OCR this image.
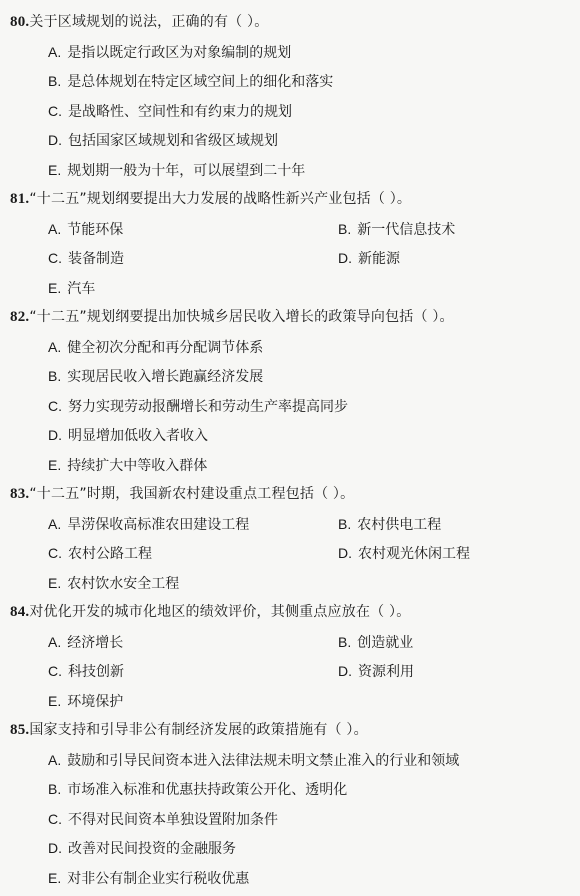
80.关于区域规划的说法，正确的有（ ）。
A. 是指以既定行政区为对象编制的规划
B. 是总体规划在特定区域空间上的细化和落实
C. 是战略性、空间性和有约束力的规划
D. 包括国家区域规划和省级区域规划
E. 规划期一般为十年，可以展望到二十年
81.“十二五”规划纲要提出大力发展的战略性新兴产业包括（ ）。
A. 节能环保	B. 新一代信息技术
C. 装备制造	D. 新能源
E. 汽车
82.“十二五”规划纲要提出加快城乡居民收入增长的政策导向包括（ ）。
A. 健全初次分配和再分配调节体系
B. 实现居民收入增长跑赢经济发展
C. 努力实现劳动报酬增长和劳动生产率提高同步
D. 明显增加低收入者收入
E. 持续扩大中等收入群体
83.“十二五”时期，我国新农村建设重点工程包括（ ）。
A. 旱涝保收高标准农田建设工程	B. 农村供电工程
C. 农村公路工程	D. 农村观光休闲工程
E. 农村饮水安全工程
84.对优化开发的城市化地区的绩效评价，其侧重点应放在（ ）。
A. 经济增长	B. 创造就业
C. 科技创新	D. 资源利用
E. 环境保护
85.国家支持和引导非公有制经济发展的政策措施有（ ）。
A. 鼓励和引导民间资本进入法律法规未明文禁止准入的行业和领域
B. 市场准入标准和优惠扶持政策公开化、透明化
C. 不得对民间资本单独设置附加条件
D. 改善对民间投资的金融服务
E. 对非公有制企业实行税收优惠
